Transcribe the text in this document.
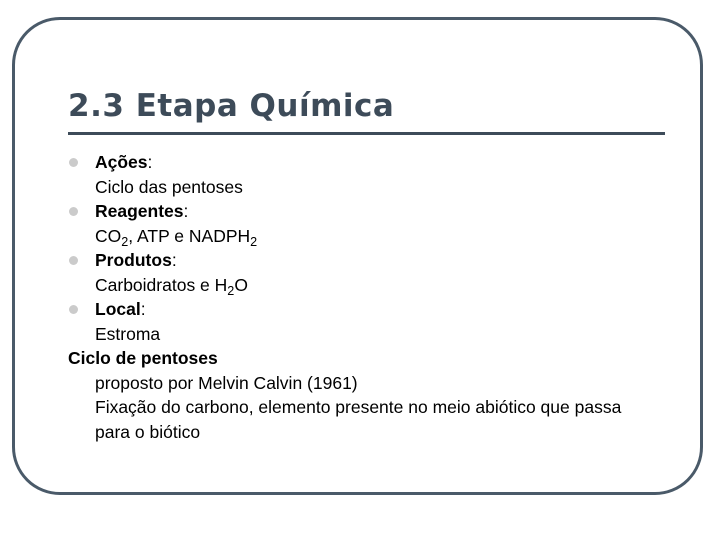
2.3 Etapa Química
Ações:
Ciclo das pentoses
Reagentes:
$CO_2$, ATP e $NADPH_2$
Produtos:
Carboidratos e $H_2O$
Local:
Estroma
Ciclo de pentoses
proposto por Melvin Calvin (1961)
Fixação do carbono, elemento presente no meio abiótico que passa para o biótico
